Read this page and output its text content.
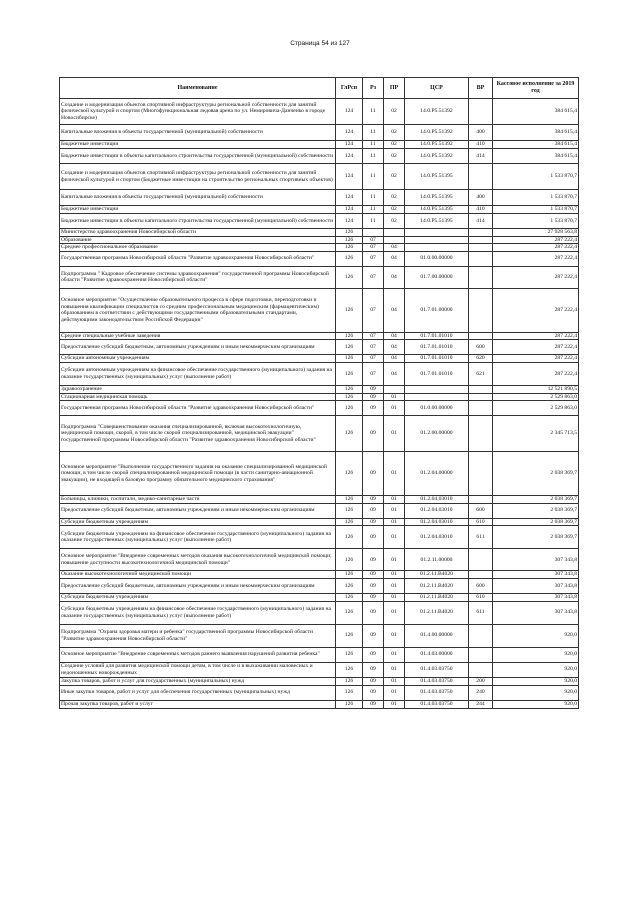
Страница 54 из 127
Наименование	ГлРсп	Рз	ПР	ЦСР	ВР	Кассовое исполнение за 2019 год
Создание и модернизация объектов спортивной инфраструктуры региональной собственности для занятий физической культурой и спортом (Многофункциональная ледовая арена по ул. Немировича-Данченко в городе Новосибирске)	124	11	02	14.0.Р5.51392		384 615,4
Капитальные вложения в объекты государственной (муниципальной) собственности	124	11	02	14.0.Р5.51392	400	384 615,4
Бюджетные инвестиции	124	11	02	14.0.Р5.51392	410	384 615,4
Бюджетные инвестиции в объекты капитального строительства государственной (муниципальной) собственности	124	11	02	14.0.Р5.51392	414	384 615,4
Создание и модернизация объектов спортивной инфраструктуры региональной собственности для занятий физической культурой и спортом (Бюджетные инвестиции на строительство региональных спортивных объектов)	124	11	02	14.0.Р5.51395		1 533 870,7
Капитальные вложения в объекты государственной (муниципальной) собственности	124	11	02	14.0.Р5.51395	400	1 533 870,7
Бюджетные инвестиции	124	11	02	14.0.Р5.51395	410	1 533 870,7
Бюджетные инвестиции в объекты капитального строительства государственной (муниципальной) собственности	124	11	02	14.0.Р5.51395	414	1 533 870,7
Министерство здравоохранения Новосибирской области	126					27 928 563,8
Образование	126	07				287 222,4
Среднее профессиональное образование	126	07	04			287 222,4
Государственная программа Новосибирской области "Развитие здравоохранения Новосибирской области"	126	07	04	01.0.00.00000		287 222,4
Подпрограмма " Кадровое обеспечение системы здравоохранения" государственной программы Новосибирской области "Развитие здравоохранения Новосибирской области"	126	07	04	01.7.00.00000		287 222,4
Основное мероприятие "Осуществление образовательного процесса в сфере подготовки, переподготовки и повышения квалификации специалистов со средним профессиональным медицинским (фармацевтическим) образованием в соответствии с действующими государственными образовательными стандартами, действующими законодательством Российской Федерации"	126	07	04	01.7.01.00000		287 222,4
Средние специальные учебные заведения	126	07	04	01.7.01.01010		287 222,4
Предоставление субсидий бюджетным, автономным учреждениям и иным некоммерческим организациям	126	07	04	01.7.01.01010	600	287 222,4
Субсидии автономным учреждениям	126	07	04	01.7.01.01010	620	287 222,4
Субсидии автономным учреждениям на финансовое обеспечение государственного (муниципального) задания на оказание государственных (муниципальных) услуг (выполнение работ)	126	07	04	01.7.01.01010	621	287 222,4
Здравоохранение	126	09				12 521 890,5
Стационарная медицинская помощь	126	09	01			2 529 863,0
Государственная программа Новосибирской области "Развитие здравоохранения Новосибирской области"	126	09	01	01.0.00.00000		2 529 863,0
Подпрограмма "Совершенствование оказания специализированной, включая высокотехнологичную, медицинской помощи, скорой, в том числе скорой специализированной, медицинской эвакуации" государственной программы Новосибирской области "Развитие здравоохранения Новосибирской области"	126	09	01	01.2.00.00000		2 345 713,5
Основное мероприятие "Выполнение государственного задания на оказание специализированной медицинской помощи, в том числе скорой специализированной медицинской помощи (в части санитарно-авиационной эвакуации), не входящей в базовую программу обязательного медицинского страхования"	126	09	01	01.2.04.00000		2 038 369,7
Больницы, клиники, госпитали, медико-санитарные части	126	09	01	01.2.04.03010		2 038 369,7
Предоставление субсидий бюджетным, автономным учреждениям и иным некоммерческим организациям	126	09	01	01.2.04.03010	600	2 038 369,7
Субсидии бюджетным учреждениям	126	09	01	01.2.04.03010	610	2 038 369,7
Субсидии бюджетным учреждениям на финансовое обеспечение государственного (муниципального) задания на оказание государственных (муниципальных) услуг (выполнение работ)	126	09	01	01.2.04.03010	611	2 038 369,7
Основное мероприятие "Внедрение современных методов оказания высокотехнологичной медицинской помощи; повышение доступности высокотехнологичной медицинской помощи"	126	09	01	01.2.11.00000		307 343,8
Оказание высокотехнологичной медицинской помощи	126	09	01	01.2.11.В4020		307 343,8
Предоставление субсидий бюджетным, автономным учреждениям и иным некоммерческим организациям	126	09	01	01.2.11.В4020	600	307 343,8
Субсидии бюджетным учреждениям	126	09	01	01.2.11.В4020	610	307 343,8
Субсидии бюджетным учреждениям на финансовое обеспечение государственного (муниципального) задания на оказание государственных (муниципальных) услуг (выполнение работ)	126	09	01	01.2.11.В4020	611	307 343,8
Подпрограмма "Охрана здоровья матери и ребенка" государственной программы Новосибирской области "Развитие здравоохранения Новосибирской области"	126	09	01	01.4.00.00000		920,0
Основное мероприятие "Внедрение современных методов раннего выявления нарушений развития ребенка"	126	09	01	01.4.03.00000		920,0
Создание условий для развития медицинской помощи детям, в том числе и в выхаживании маловесных и недоношенных новорожденных	126	09	01	01.4.03.03750		920,0
Закупка товаров, работ и услуг для государственных (муниципальных) нужд	126	09	01	01.4.03.03750	200	920,0
Иные закупки товаров, работ и услуг для обеспечения государственных (муниципальных) нужд	126	09	01	01.4.03.03750	240	920,0
Прочая закупка товаров, работ и услуг	126	09	01	01.4.03.03750	244	920,0
